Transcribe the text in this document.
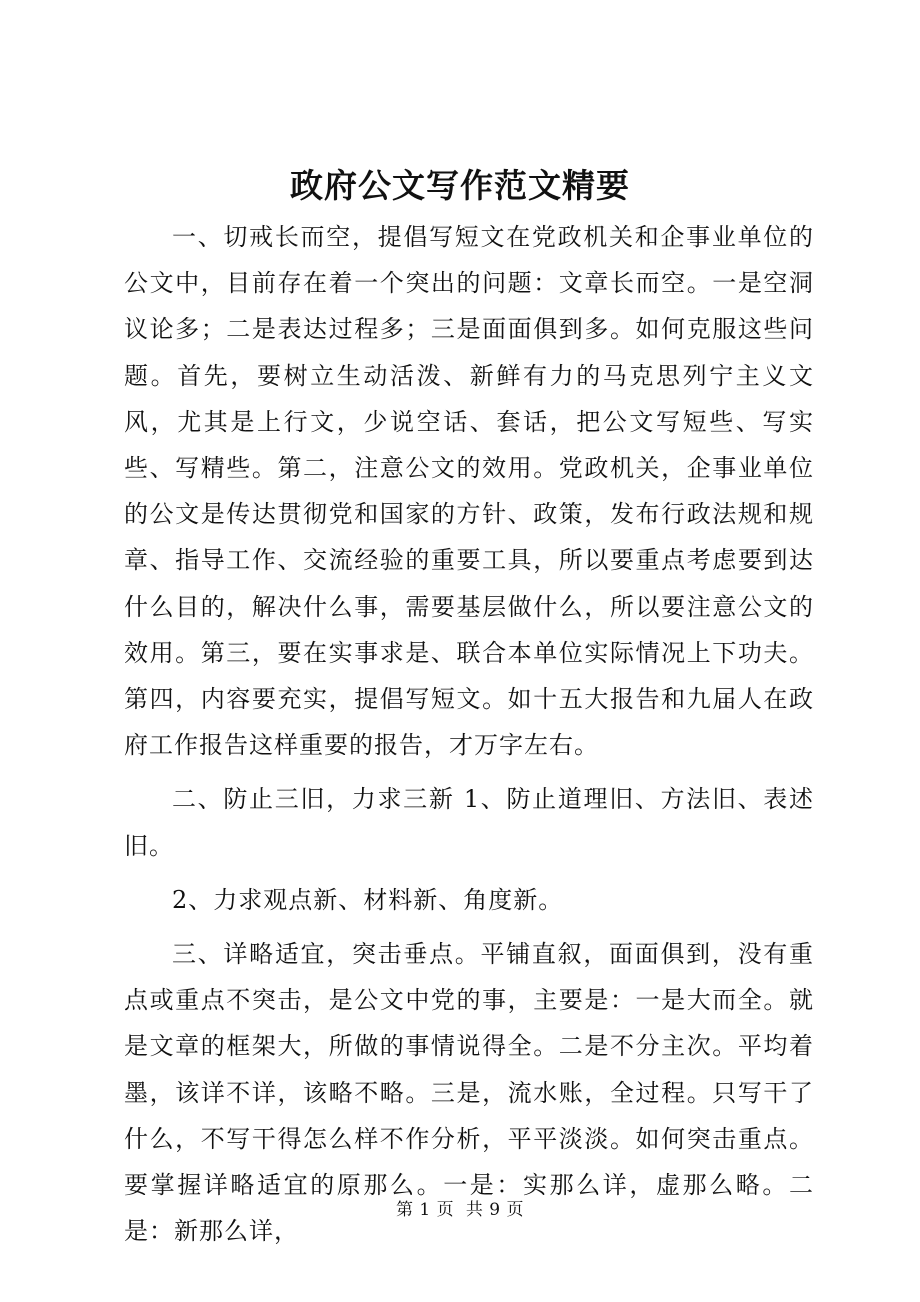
政府公文写作范文精要

一、切戒长而空，提倡写短文在党政机关和企事业单位的公文中，目前存在着一个突出的问题：文章长而空。一是空洞议论多；二是表达过程多；三是面面俱到多。如何克服这些问题。首先，要树立生动活泼、新鲜有力的马克思列宁主义文风，尤其是上行文，少说空话、套话，把公文写短些、写实些、写精些。第二，注意公文的效用。党政机关，企事业单位的公文是传达贯彻党和国家的方针、政策，发布行政法规和规章、指导工作、交流经验的重要工具，所以要重点考虑要到达什么目的，解决什么事，需要基层做什么，所以要注意公文的效用。第三，要在实事求是、联合本单位实际情况上下功夫。第四，内容要充实，提倡写短文。如十五大报告和九届人在政府工作报告这样重要的报告，才万字左右。

二、防止三旧，力求三新 1、防止道理旧、方法旧、表述旧。

2、力求观点新、材料新、角度新。

三、详略适宜，突击垂点。平铺直叙，面面俱到，没有重点或重点不突击，是公文中党的事，主要是：一是大而全。就是文章的框架大，所做的事情说得全。二是不分主次。平均着墨，该详不详，该略不略。三是，流水账，全过程。只写干了什么，不写干得怎么样不作分析，平平淡淡。如何突击重点。要掌握详略适宜的原那么。一是：实那么详，虚那么略。二是：新那么详，

第 1 页  共 9 页
